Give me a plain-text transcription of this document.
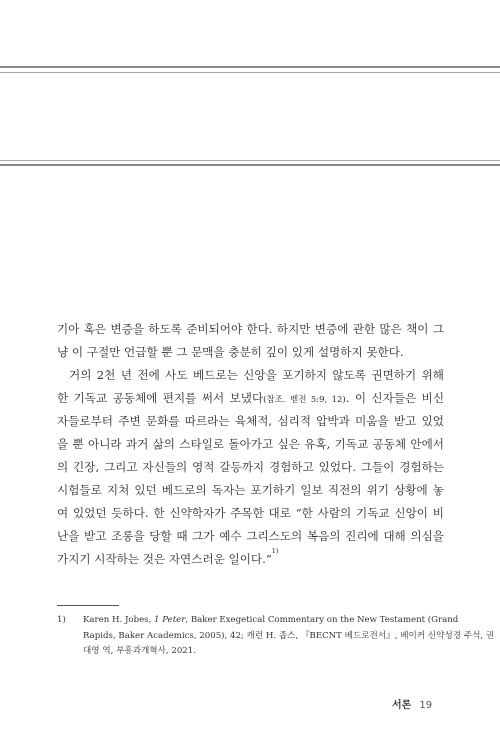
기아 혹은 변증을 하도록 준비되어야 한다. 하지만 변증에 관한 많은 책이 그
냥 이 구절만 언급할 뿐 그 문맥을 충분히 깊이 있게 설명하지 못한다.
거의 2천 년 전에 사도 베드로는 신앙을 포기하지 않도록 권면하기 위해
한 기독교 공동체에 편지를 써서 보냈다(참조. 벧전 5:9, 12). 이 신자들은 비신
자들로부터 주변 문화를 따르라는 육체적, 심리적 압박과 미움을 받고 있었
을 뿐 아니라 과거 삶의 스타일로 돌아가고 싶은 유혹, 기독교 공동체 안에서
의 긴장, 그리고 자신들의 영적 갈등까지 경험하고 있었다. 그들이 경험하는
시험들로 지쳐 있던 베드로의 독자는 포기하기 일보 직전의 위기 상황에 놓
여 있었던 듯하다. 한 신약학자가 주목한 대로 “한 사람의 기독교 신앙이 비
난을 받고 조롱을 당할 때 그가 예수 그리스도의 복음의 진리에 대해 의심을
가지기 시작하는 것은 자연스러운 일이다.”$^{1)}$
1) Karen H. Jobes, 1 Peter, Baker Exegetical Commentary on the New Testament (Grand
Rapids, Baker Academics, 2005), 42; 캐런 H. 좁스, 『BECNT 베드로전서』, 베이커 신약성경 주석, 권
대영 역, 부흥과개혁사, 2021.
서론 19
